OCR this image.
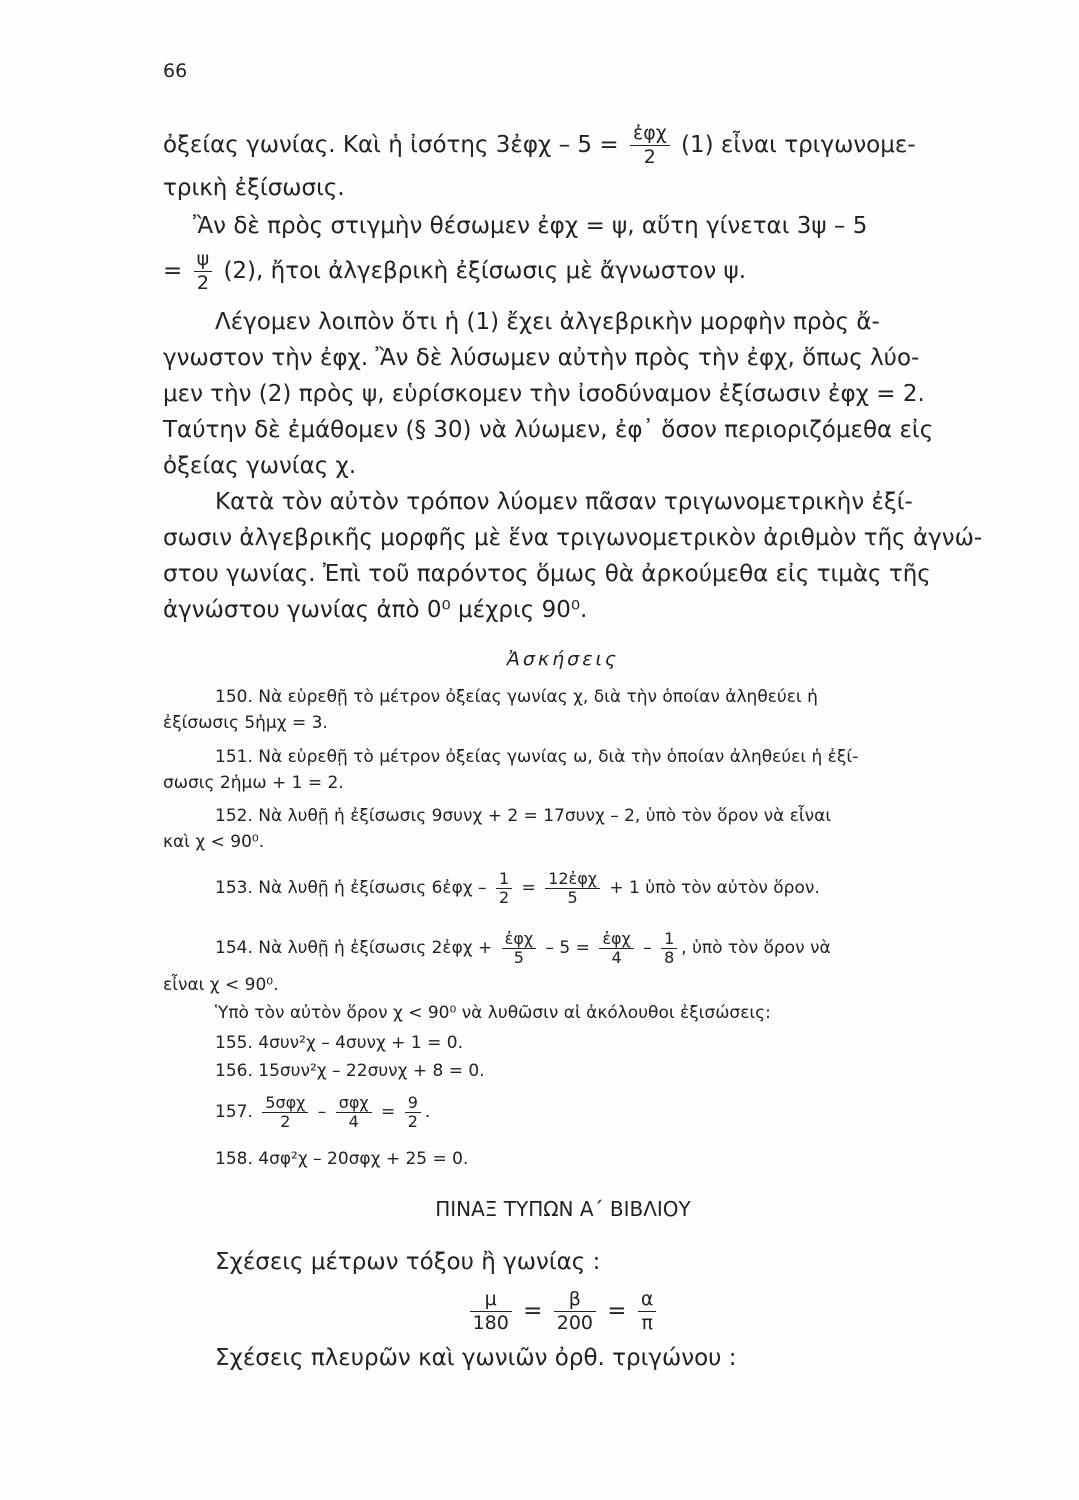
66
ὀξείας γωνίας. Καὶ ἡ ἰσότης 3ἐφχ – $5 = \frac{\text{ἐφχ}}{2} (1)$ εἶναι τριγωνομε-
τρικὴ ἐξίσωσις.
Ἂν δὲ πρὸς στιγμὴν θέσωμεν ἐφχ = ψ, αὕτη γίνεται 3ψ – 5
= $\frac{\psi}{2} (2)$, ἤτοι ἀλγεβρικὴ ἐξίσωσις μὲ ἄγνωστον ψ.
Λέγομεν λοιπὸν ὅτι ἡ (1) ἔχει ἀλγεβρικὴν μορφὴν πρὸς ἄ-
γνωστον τὴν ἐφχ. Ἂν δὲ λύσωμεν αὐτὴν πρὸς τὴν ἐφχ, ὅπως λύο-
μεν τὴν (2) πρὸς ψ, εὑρίσκομεν τὴν ἰσοδύναμον ἐξίσωσιν ἐφχ = 2.
Ταύτην δὲ ἐμάθομεν (§ 30) νὰ λύωμεν, ἐφ᾽ ὅσον περιοριζόμεθα εἰς
ὀξείας γωνίας χ.
Κατὰ τὸν αὐτὸν τρόπον λύομεν πᾶσαν τριγωνομετρικὴν ἐξί-
σωσιν ἀλγεβρικῆς μορφῆς μὲ ἕνα τριγωνομετρικὸν ἀριθμὸν τῆς ἀγνώ-
στου γωνίας. Ἐπὶ τοῦ παρόντος ὅμως θὰ ἀρκούμεθα εἰς τιμὰς τῆς
ἀγνώστου γωνίας ἀπὸ 0⁰ μέχρις 90⁰.
Ἀσκήσεις
150. Νὰ εὑρεθῇ τὸ μέτρον ὀξείας γωνίας χ, διὰ τὴν ὁποίαν ἀληθεύει ἡ
ἐξίσωσις 5ἡμχ = 3.
151. Νὰ εὑρεθῇ τὸ μέτρον ὀξείας γωνίας ω, διὰ τὴν ὁποίαν ἀληθεύει ἡ ἐξί-
σωσις 2ἡμω + 1 = 2.
152. Νὰ λυθῇ ἡ ἐξίσωσις 9συνχ + 2 = 17συνχ – 2, ὑπὸ τὸν ὅρον νὰ εἶναι
καὶ χ < 90⁰.
153. Νὰ λυθῇ ἡ ἐξίσωσις 6ἐφχ – $\frac{1}{2} = \frac{\text{12ἐφχ}}{5} + 1$ ὑπὸ τὸν αὐτὸν ὅρον.
154. Νὰ λυθῇ ἡ ἐξίσωσις 2ἐφχ + $\frac{\text{ἐφχ}}{5} - 5 = \frac{\text{ἐφχ}}{4} - \frac{1}{8}$ , ὑπὸ τὸν ὅρον νὰ
εἶναι χ < 90⁰.
Ὑπὸ τὸν αὐτὸν ὅρον χ < 90⁰ νὰ λυθῶσιν αἱ ἀκόλουθοι ἐξισώσεις:
155. 4συν²χ – 4συνχ + 1 = 0.
156. 15συν²χ – 22συνχ + 8 = 0.
157. $\frac{\text{5σφχ}}{2} - \frac{\text{σφχ}}{4} = \frac{9}{2}$ .
158. 4σφ²χ – 20σφχ + 25 = 0.
ΠΙΝΑΞ ΤΥΠΩΝ Α΄ ΒΙΒΛΙΟΥ
Σχέσεις μέτρων τόξου ἢ γωνίας :
$\frac{\mu}{180} = \frac{\beta}{200} = \frac{\alpha}{\pi}$
Σχέσεις πλευρῶν καὶ γωνιῶν ὀρθ. τριγώνου :
